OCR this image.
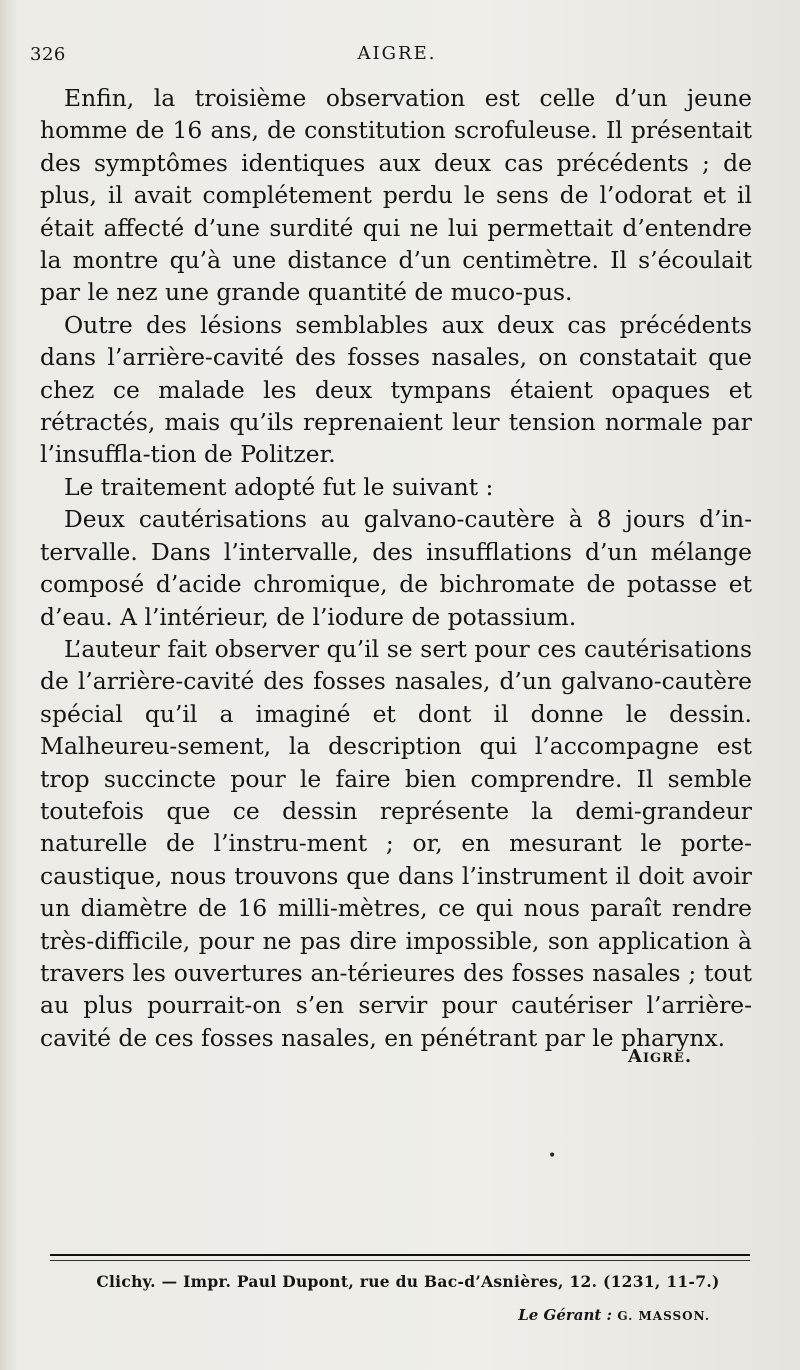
326	AIGRE.

Enfin, la troisième observation est celle d’un jeune homme de 16 ans, de constitution scrofuleuse. Il présentait des symptômes identiques aux deux cas précédents ; de plus, il avait complétement perdu le sens de l’odorat et il était affecté d’une surdité qui ne lui permettait d’entendre la montre qu’à une distance d’un centimètre. Il s’écoulait par le nez une grande quantité de muco-pus.

Outre des lésions semblables aux deux cas précédents dans l’arrière-cavité des fosses nasales, on constatait que chez ce malade les deux tympans étaient opaques et rétractés, mais qu’ils reprenaient leur tension normale par l’insuffla-tion de Politzer.

Le traitement adopté fut le suivant :

Deux cautérisations au galvano-cautère à 8 jours d’in-tervalle. Dans l’intervalle, des insufflations d’un mélange composé d’acide chromique, de bichromate de potasse et d’eau. A l’intérieur, de l’iodure de potassium.

L’auteur fait observer qu’il se sert pour ces cautérisations de l’arrière-cavité des fosses nasales, d’un galvano-cautère spécial qu’il a imaginé et dont il donne le dessin. Malheureu-sement, la description qui l’accompagne est trop succincte pour le faire bien comprendre. Il semble toutefois que ce dessin représente la demi-grandeur naturelle de l’instru-ment ; or, en mesurant le porte-caustique, nous trouvons que dans l’instrument il doit avoir un diamètre de 16 milli-mètres, ce qui nous paraît rendre très-difficile, pour ne pas dire impossible, son application à travers les ouvertures an-térieures des fosses nasales ; tout au plus pourrait-on s’en servir pour cautériser l’arrière-cavité de ces fosses nasales, en pénétrant par le pharynx.

Aigre.
•
Clichy. — Impr. Paul Dupont, rue du Bac-d’Asnières, 12. (1231, 11-7.)
Le Gérant : G. MASSON.
